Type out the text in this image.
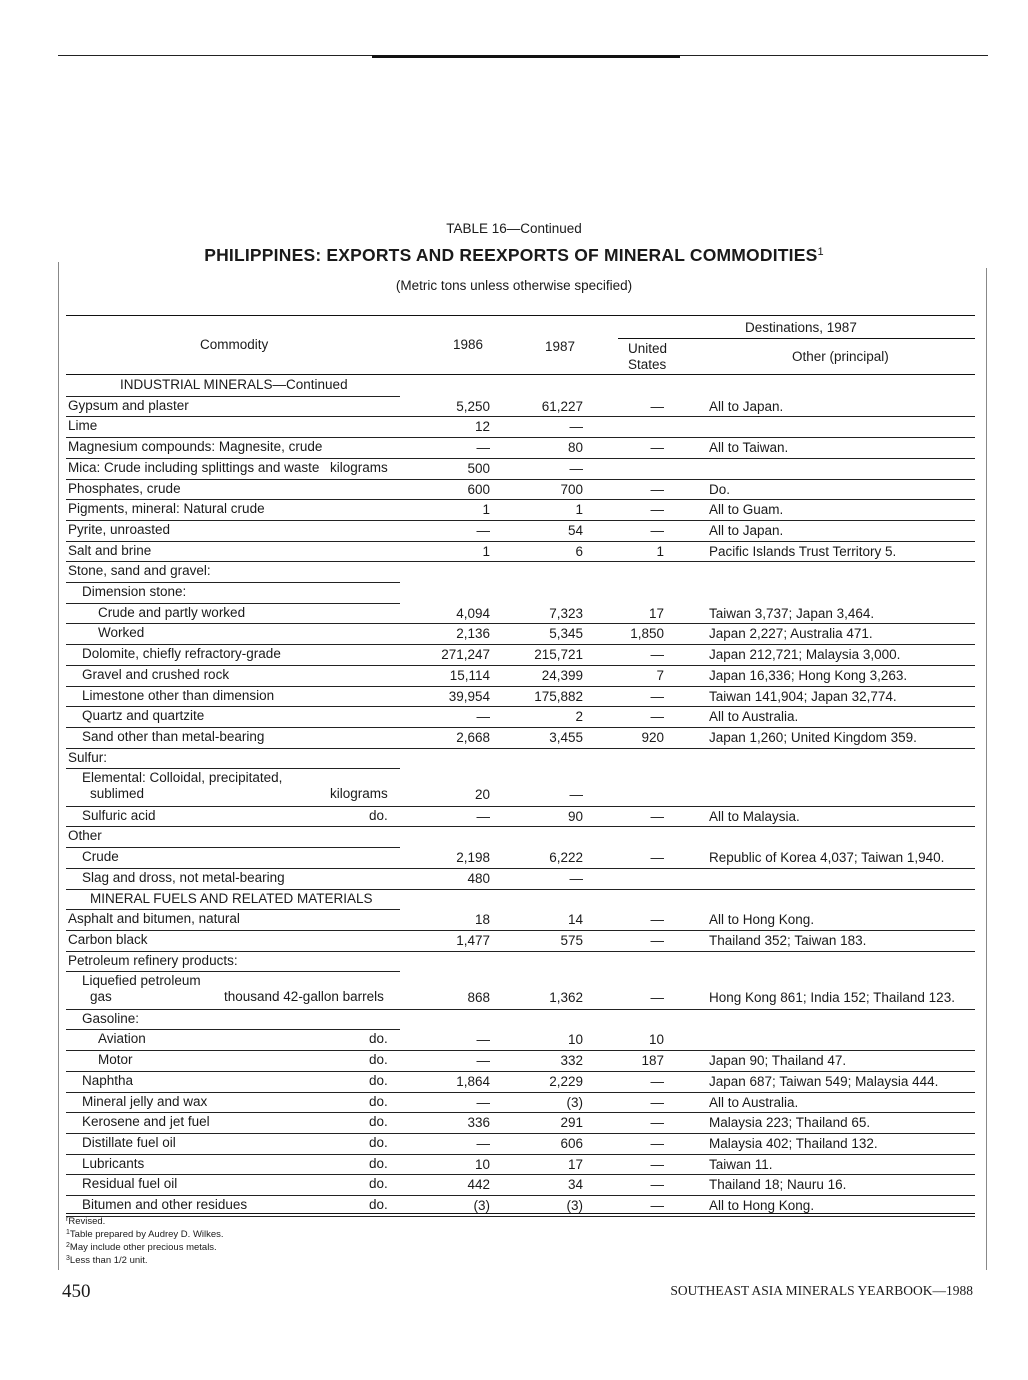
TABLE 16—Continued
PHILIPPINES: EXPORTS AND REEXPORTS OF MINERAL COMMODITIES$^1$
(Metric tons unless otherwise specified)
Commodity	1986	1987
Destinations, 1987
United
States
Other (principal)
INDUSTRIAL MINERALS—Continued
Gypsum and plaster	5,250	61,227	—	All to Japan.
Lime	12	—
Magnesium compounds: Magnesite, crude	—	80	—	All to Taiwan.
Mica: Crude including splittings and waste kilograms	500	—
Phosphates, crude	600	700	—	Do.
Pigments, mineral: Natural crude	1	1	—	All to Guam.
Pyrite, unroasted	—	54	—	All to Japan.
Salt and brine	1	6	1	Pacific Islands Trust Territory 5.
Stone, sand and gravel:
Dimension stone:
Crude and partly worked	4,094	7,323	17	Taiwan 3,737; Japan 3,464.
Worked	2,136	5,345	1,850	Japan 2,227; Australia 471.
Dolomite, chiefly refractory-grade	271,247	215,721	—	Japan 212,721; Malaysia 3,000.
Gravel and crushed rock	15,114	24,399	7	Japan 16,336; Hong Kong 3,263.
Limestone other than dimension	39,954	175,882	—	Taiwan 141,904; Japan 32,774.
Quartz and quartzite	—	2	—	All to Australia.
Sand other than metal-bearing	2,668	3,455	920	Japan 1,260; United Kingdom 359.
Sulfur:
Elemental: Colloidal, precipitated,
sublimed	kilograms	20	—
Sulfuric acid	do.	—	90	—	All to Malaysia.
Other
Crude	2,198	6,222	—	Republic of Korea 4,037; Taiwan 1,940.
Slag and dross, not metal-bearing	480	—
MINERAL FUELS AND RELATED MATERIALS
Asphalt and bitumen, natural	18	14	—	All to Hong Kong.
Carbon black	1,477	575	—	Thailand 352; Taiwan 183.
Petroleum refinery products:
Liquefied petroleum
gas	thousand 42-gallon barrels	868	1,362	—	Hong Kong 861; India 152; Thailand 123.
Gasoline:
Aviation	do.	—	10	10
Motor	do.	—	332	187	Japan 90; Thailand 47.
Naphtha	do.	1,864	2,229	—	Japan 687; Taiwan 549; Malaysia 444.
Mineral jelly and wax	do.	—	(3)	—	All to Australia.
Kerosene and jet fuel	do.	336	291	—	Malaysia 223; Thailand 65.
Distillate fuel oil	do.	—	606	—	Malaysia 402; Thailand 132.
Lubricants	do.	10	17	—	Taiwan 11.
Residual fuel oil	do.	442	34	—	Thailand 18; Nauru 16.
Bitumen and other residues	do.	(3)	(3)	—	All to Hong Kong.
$^r$Revised.
$^1$Table prepared by Audrey D. Wilkes.
$^2$May include other precious metals.
$^3$Less than 1/2 unit.
450	SOUTHEAST ASIA MINERALS YEARBOOK—1988
